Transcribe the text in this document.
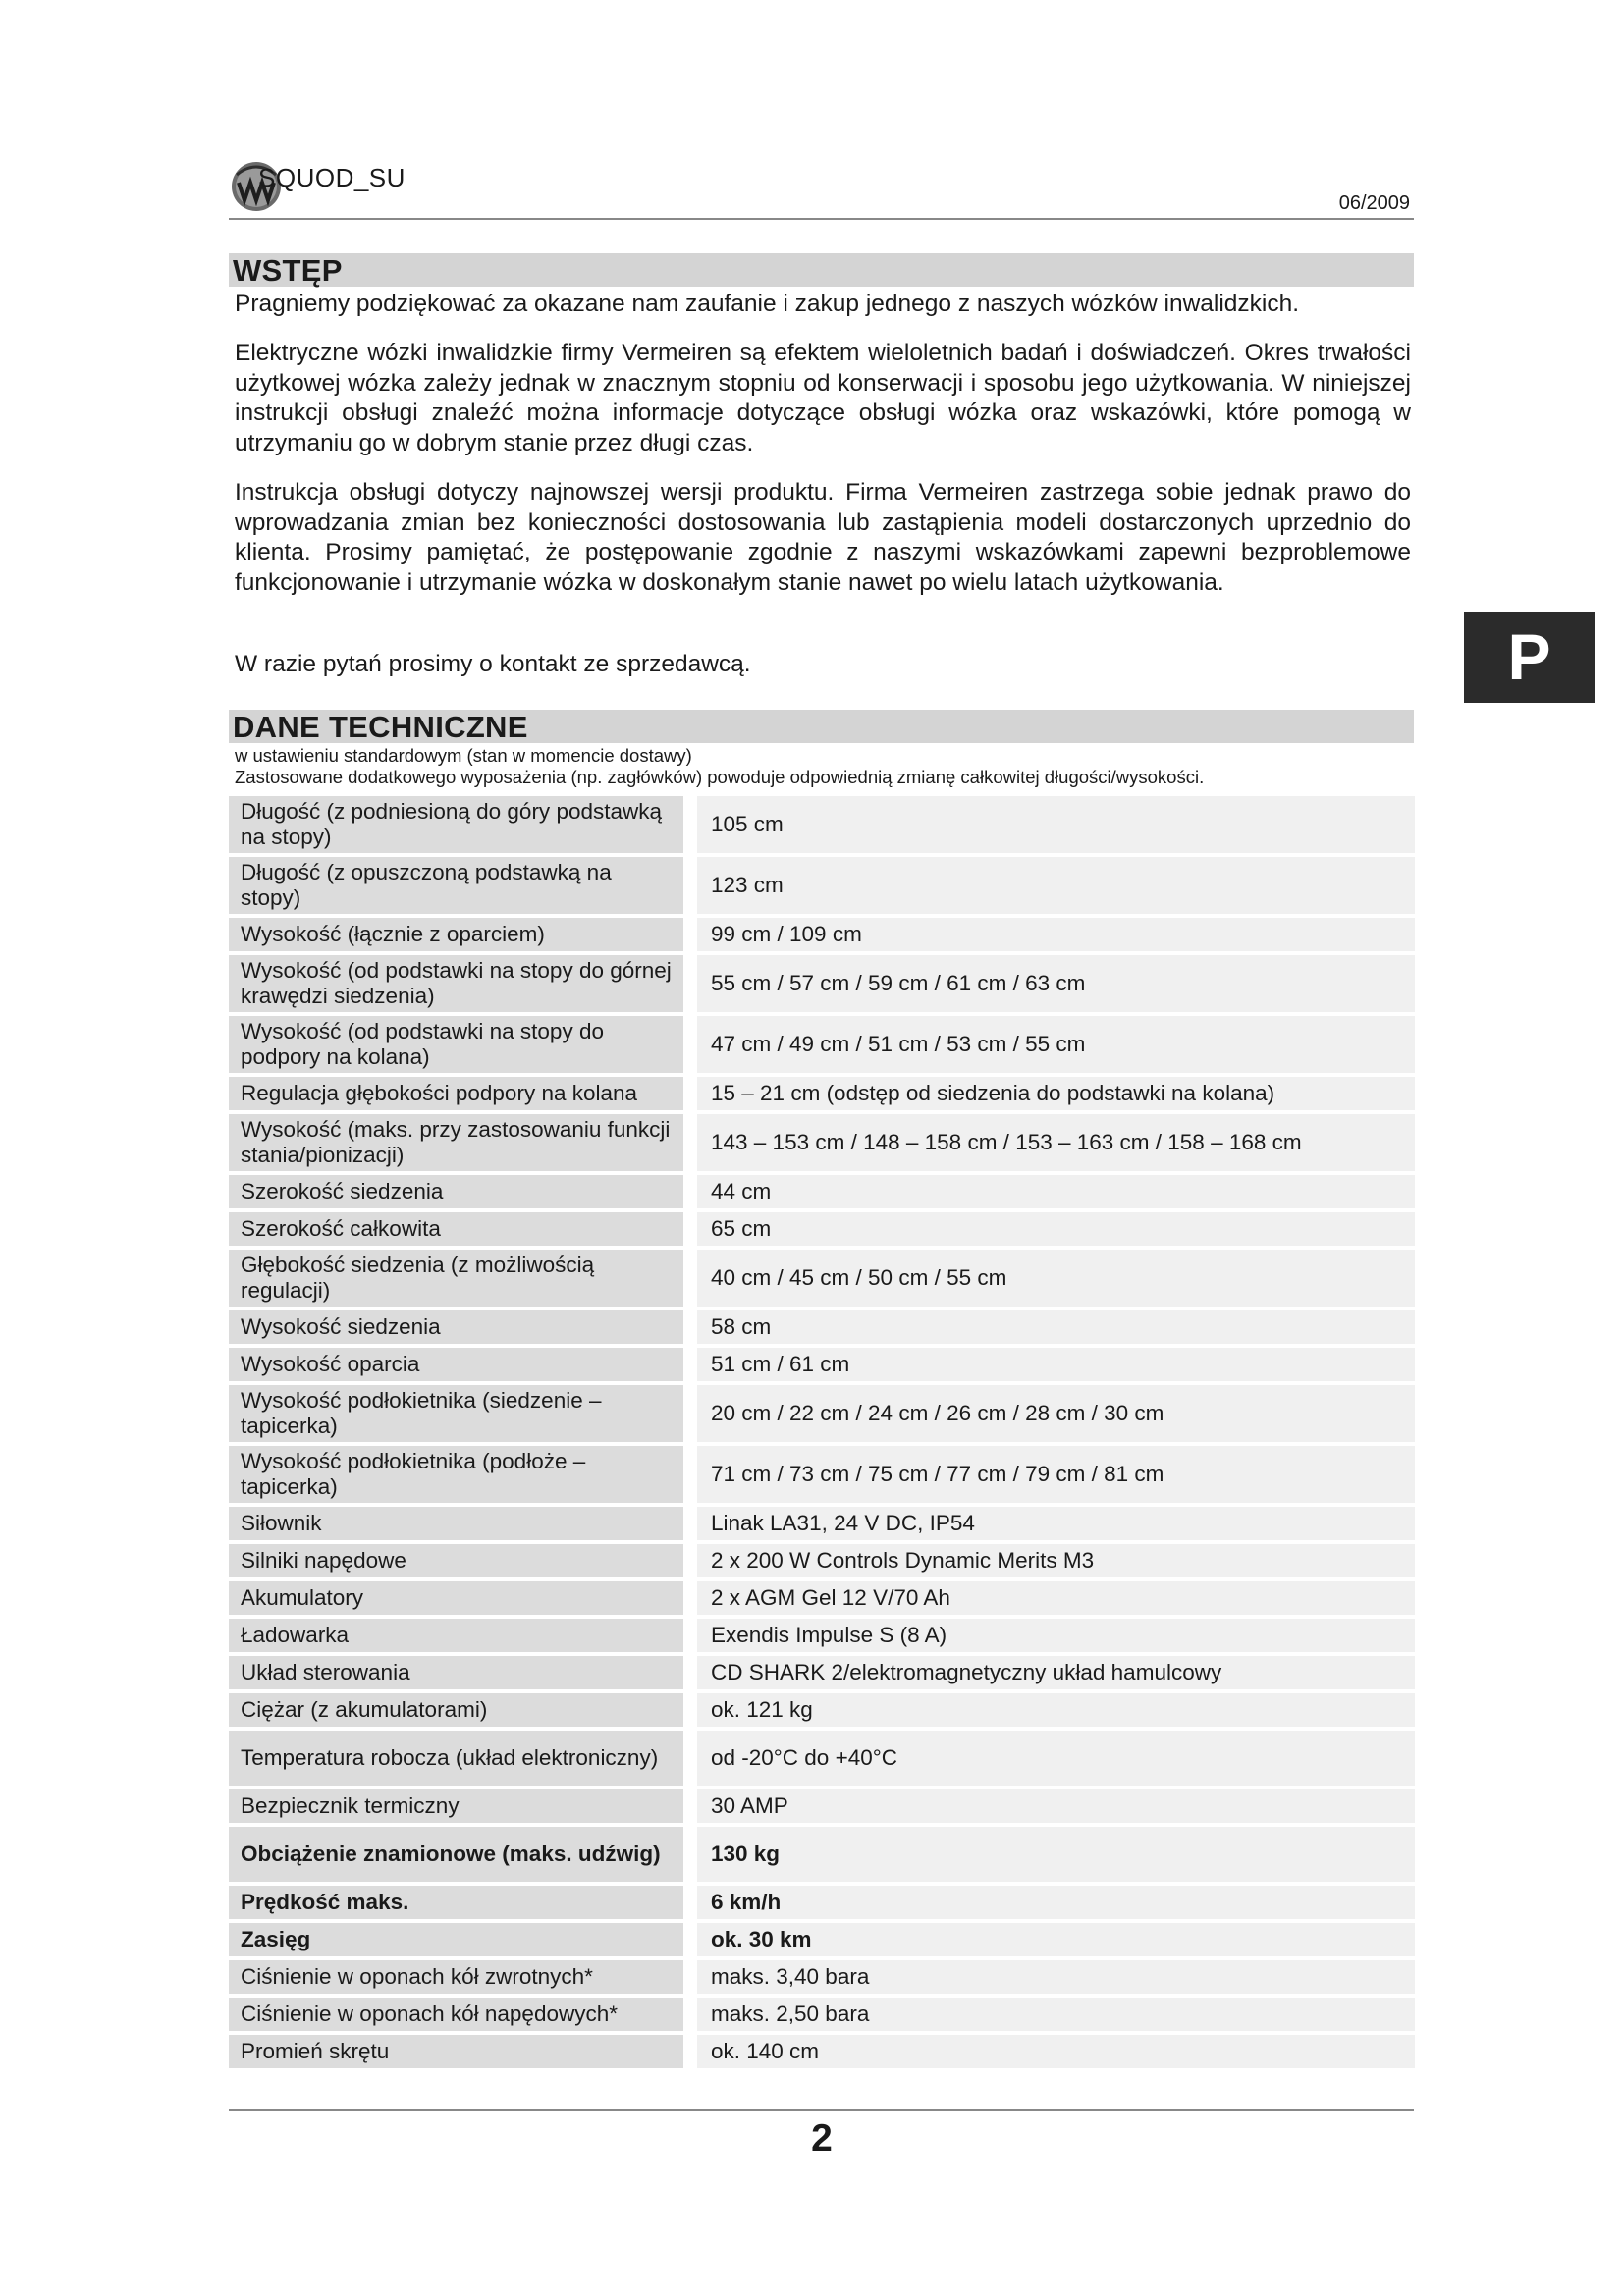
SQUOD_SU
06/2009
WSTĘP

Pragniemy podziękować za okazane nam zaufanie i zakup jednego z naszych wózków inwalidzkich.

Elektryczne wózki inwalidzkie firmy Vermeiren są efektem wieloletnich badań i doświadczeń. Okres trwałości użytkowej wózka zależy jednak w znacznym stopniu od konserwacji i sposobu jego użytkowania. W niniejszej instrukcji obsługi znaleźć można informacje dotyczące obsługi wózka oraz wskazówki, które pomogą w utrzymaniu go w dobrym stanie przez długi czas.

Instrukcja obsługi dotyczy najnowszej wersji produktu. Firma Vermeiren zastrzega sobie jednak prawo do wprowadzania zmian bez konieczności dostosowania lub zastąpienia modeli dostarczonych uprzednio do klienta. Prosimy pamiętać, że postępowanie zgodnie z naszymi wskazówkami zapewni bezproblemowe funkcjonowanie i utrzymanie wózka w doskonałym stanie nawet po wielu latach użytkowania.

W razie pytań prosimy o kontakt ze sprzedawcą.	P
DANE TECHNICZNE
w ustawieniu standardowym (stan w momencie dostawy)
Zastosowane dodatkowego wyposażenia (np. zagłówków) powoduje odpowiednią zmianę całkowitej długości/wysokości.
Długość (z podniesioną do góry podstawką na stopy)	105 cm
Długość (z opuszczoną podstawką na stopy)	123 cm
Wysokość (łącznie z oparciem)	99 cm / 109 cm
Wysokość (od podstawki na stopy do górnej krawędzi siedzenia)	55 cm / 57 cm / 59 cm / 61 cm / 63 cm
Wysokość (od podstawki na stopy do podpory na kolana)	47 cm / 49 cm / 51 cm / 53 cm / 55 cm
Regulacja głębokości podpory na kolana	15 – 21 cm (odstęp od siedzenia do podstawki na kolana)
Wysokość (maks. przy zastosowaniu funkcji stania/pionizacji)	143 – 153 cm / 148 – 158 cm / 153 – 163 cm / 158 – 168 cm
Szerokość siedzenia	44 cm
Szerokość całkowita	65 cm
Głębokość siedzenia (z możliwością regulacji)	40 cm / 45 cm / 50 cm / 55 cm
Wysokość siedzenia	58 cm
Wysokość oparcia	51 cm / 61 cm
Wysokość podłokietnika (siedzenie – tapicerka)	20 cm / 22 cm / 24 cm / 26 cm / 28 cm / 30 cm
Wysokość podłokietnika (podłoże – tapicerka)	71 cm / 73 cm / 75 cm / 77 cm / 79 cm / 81 cm
Siłownik	Linak LA31, 24 V DC, IP54
Silniki napędowe	2 x 200 W Controls Dynamic Merits M3
Akumulatory	2 x AGM Gel 12 V/70 Ah
Ładowarka	Exendis Impulse S (8 A)
Układ sterowania	CD SHARK 2/elektromagnetyczny układ hamulcowy
Ciężar (z akumulatorami)	ok. 121 kg
Temperatura robocza (układ elektroniczny)	od -20°C do +40°C
Bezpiecznik termiczny	30 AMP
Obciążenie znamionowe (maks. udźwig)	130 kg
Prędkość maks.	6 km/h
Zasięg	ok. 30 km
Ciśnienie w oponach kół zwrotnych*	maks. 3,40 bara
Ciśnienie w oponach kół napędowych*	maks. 2,50 bara
Promień skrętu	ok. 140 cm
2
